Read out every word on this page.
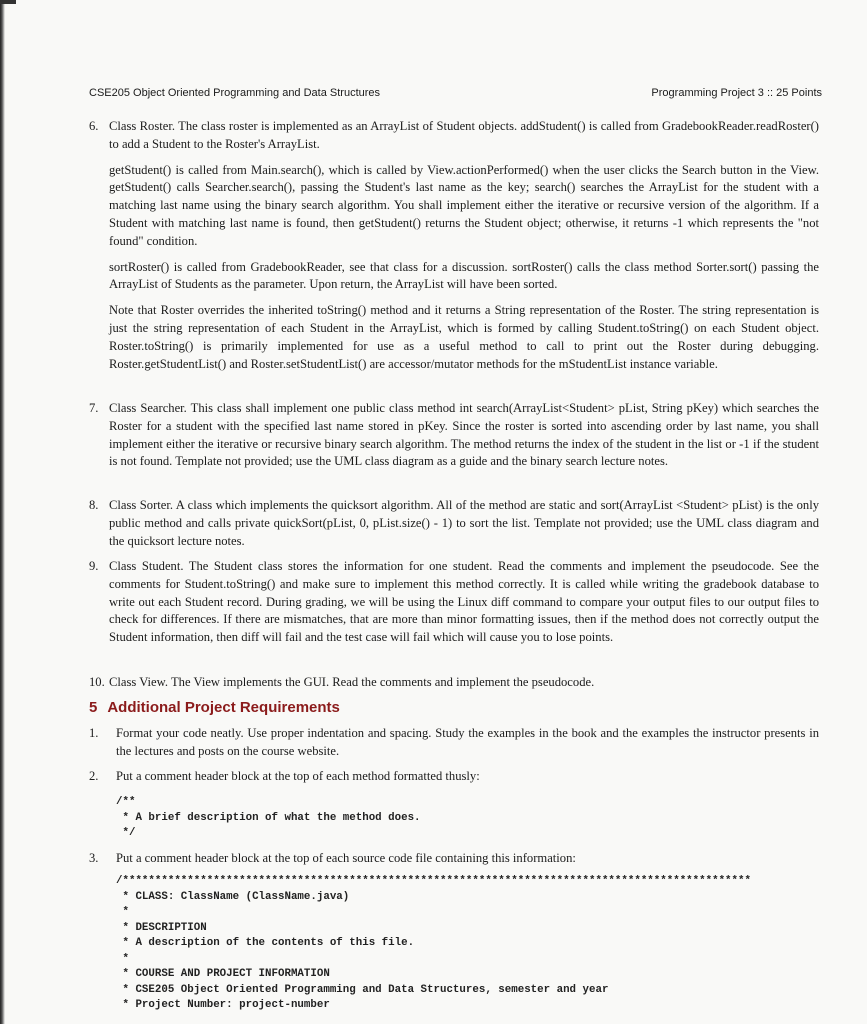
CSE205 Object Oriented Programming and Data Structures	Programming Project 3 :: 25 Points
6. Class Roster. The class roster is implemented as an ArrayList of Student objects. addStudent() is called from GradebookReader.readRoster() to add a Student to the Roster's ArrayList.

getStudent() is called from Main.search(), which is called by View.actionPerformed() when the user clicks the Search button in the View. getStudent() calls Searcher.search(), passing the Student's last name as the key; search() searches the ArrayList for the student with a matching last name using the binary search algorithm. You shall implement either the iterative or recursive version of the algorithm. If a Student with matching last name is found, then getStudent() returns the Student object; otherwise, it returns -1 which represents the "not found" condition.

sortRoster() is called from GradebookReader, see that class for a discussion. sortRoster() calls the class method Sorter.sort() passing the ArrayList of Students as the parameter. Upon return, the ArrayList will have been sorted.

Note that Roster overrides the inherited toString() method and it returns a String representation of the Roster. The string representation is just the string representation of each Student in the ArrayList, which is formed by calling Student.toString() on each Student object. Roster.toString() is primarily implemented for use as a useful method to call to print out the Roster during debugging. Roster.getStudentList() and Roster.setStudentList() are accessor/mutator methods for the mStudentList instance variable.

7. Class Searcher. This class shall implement one public class method int search(ArrayList<Student> pList, String pKey) which searches the Roster for a student with the specified last name stored in pKey. Since the roster is sorted into ascending order by last name, you shall implement either the iterative or recursive binary search algorithm. The method returns the index of the student in the list or -1 if the student is not found. Template not provided; use the UML class diagram as a guide and the binary search lecture notes.

8. Class Sorter. A class which implements the quicksort algorithm. All of the method are static and sort(ArrayList <Student> pList) is the only public method and calls private quickSort(pList, 0, pList.size() - 1) to sort the list. Template not provided; use the UML class diagram and the quicksort lecture notes.

9. Class Student. The Student class stores the information for one student. Read the comments and implement the pseudocode. See the comments for Student.toString() and make sure to implement this method correctly. It is called while writing the gradebook database to write out each Student record. During grading, we will be using the Linux diff command to compare your output files to our output files to check for differences. If there are mismatches, that are more than minor formatting issues, then if the method does not correctly output the Student information, then diff will fail and the test case will fail which will cause you to lose points.

10. Class View. The View implements the GUI. Read the comments and implement the pseudocode.

5 Additional Project Requirements
1.	Format your code neatly. Use proper indentation and spacing. Study the examples in the book and the examples the instructor presents in the lectures and posts on the course website.

2.	Put a comment header block at the top of each method formatted thusly:

/**
* A brief description of what the method does.
*/
3.	Put a comment header block at the top of each source code file containing this information:

/*************************************************************************************************
* CLASS: ClassName (ClassName.java)
*
* DESCRIPTION
* A description of the contents of this file.
*
* COURSE AND PROJECT INFORMATION
* CSE205 Object Oriented Programming and Data Structures, semester and year
* Project Number: project-number
